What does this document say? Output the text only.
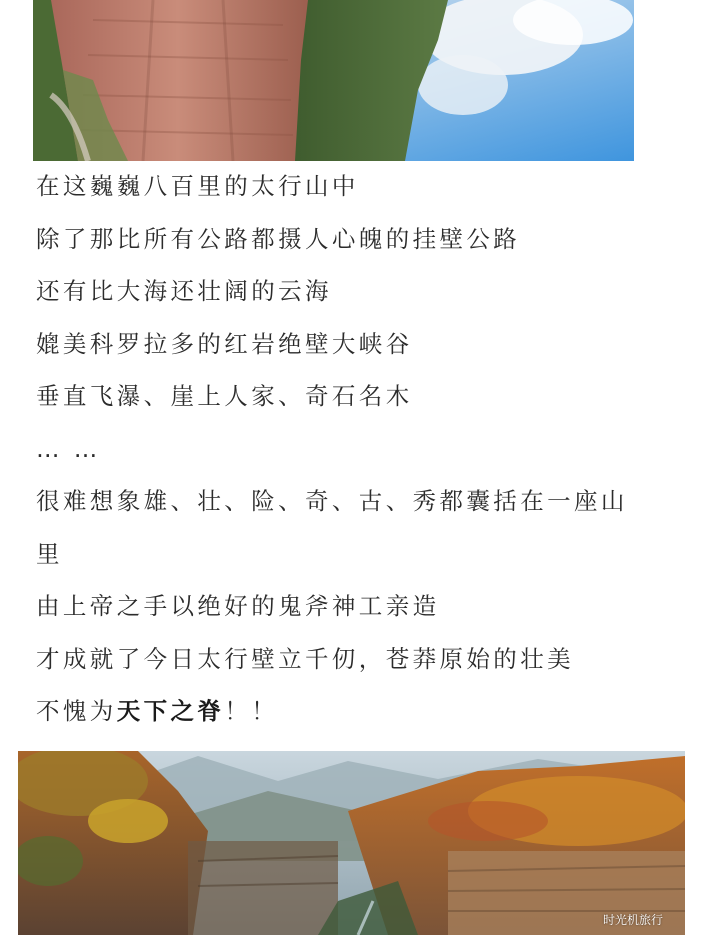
在这巍巍八百里的太行山中
除了那比所有公路都摄人心魄的挂壁公路
还有比大海还壮阔的云海
媲美科罗拉多的红岩绝壁大峡谷
垂直飞瀑、崖上人家、奇石名木
… …
很难想象雄、壮、险、奇、古、秀都囊括在一座山
里
由上帝之手以绝好的鬼斧神工亲造
才成就了今日太行壁立千仞，苍莽原始的壮美
不愧为天下之脊！！
时光机旅行
